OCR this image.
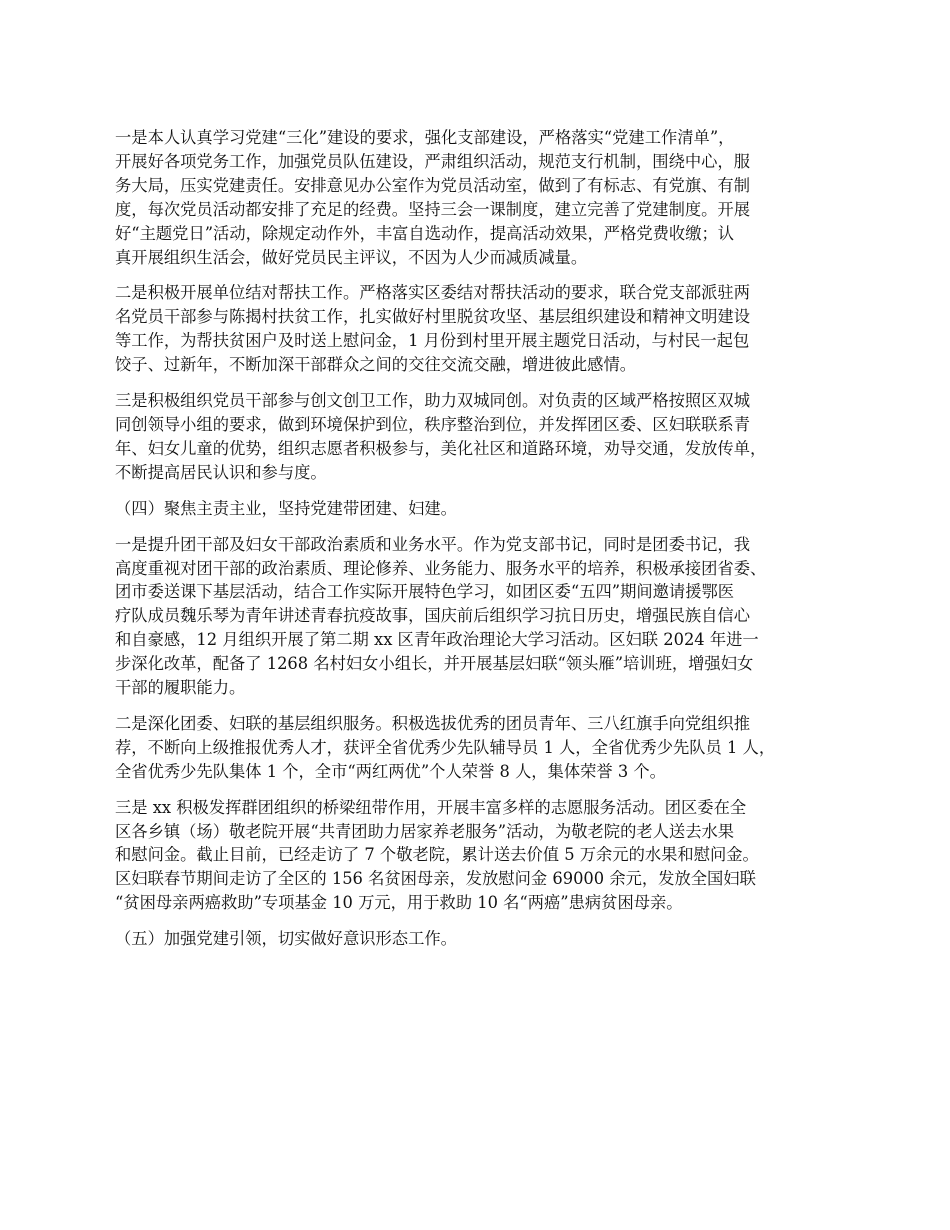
一是本人认真学习党建“三化”建设的要求，强化支部建设，严格落实“党建工作清单”，
开展好各项党务工作，加强党员队伍建设，严肃组织活动，规范支行机制，围绕中心，服
务大局，压实党建责任。安排意见办公室作为党员活动室，做到了有标志、有党旗、有制
度，每次党员活动都安排了充足的经费。坚持三会一课制度，建立完善了党建制度。开展
好“主题党日”活动，除规定动作外，丰富自选动作，提高活动效果，严格党费收缴；认
真开展组织生活会，做好党员民主评议，不因为人少而减质减量。

二是积极开展单位结对帮扶工作。严格落实区委结对帮扶活动的要求，联合党支部派驻两
名党员干部参与陈揭村扶贫工作，扎实做好村里脱贫攻坚、基层组织建设和精神文明建设
等工作，为帮扶贫困户及时送上慰问金，1 月份到村里开展主题党日活动，与村民一起包
饺子、过新年，不断加深干部群众之间的交往交流交融，增进彼此感情。

三是积极组织党员干部参与创文创卫工作，助力双城同创。对负责的区域严格按照区双城
同创领导小组的要求，做到环境保护到位，秩序整治到位，并发挥团区委、区妇联联系青
年、妇女儿童的优势，组织志愿者积极参与，美化社区和道路环境，劝导交通，发放传单，
不断提高居民认识和参与度。

（四）聚焦主责主业，坚持党建带团建、妇建。

一是提升团干部及妇女干部政治素质和业务水平。作为党支部书记，同时是团委书记，我
高度重视对团干部的政治素质、理论修养、业务能力、服务水平的培养，积极承接团省委、
团市委送课下基层活动，结合工作实际开展特色学习，如团区委“五四”期间邀请援鄂医
疗队成员魏乐琴为青年讲述青春抗疫故事，国庆前后组织学习抗日历史，增强民族自信心
和自豪感，12 月组织开展了第二期 xx 区青年政治理论大学习活动。区妇联 2024 年进一
步深化改革，配备了 1268 名村妇女小组长，并开展基层妇联“领头雁”培训班，增强妇女
干部的履职能力。

二是深化团委、妇联的基层组织服务。积极选拔优秀的团员青年、三八红旗手向党组织推
荐，不断向上级推报优秀人才，获评全省优秀少先队辅导员 1 人，全省优秀少先队员 1 人，
全省优秀少先队集体 1 个，全市“两红两优”个人荣誉 8 人，集体荣誉 3 个。

三是 xx 积极发挥群团组织的桥梁纽带作用，开展丰富多样的志愿服务活动。团区委在全
区各乡镇（场）敬老院开展“共青团助力居家养老服务”活动，为敬老院的老人送去水果
和慰问金。截止目前，已经走访了 7 个敬老院，累计送去价值 5 万余元的水果和慰问金。
区妇联春节期间走访了全区的 156 名贫困母亲，发放慰问金 69000 余元，发放全国妇联
“贫困母亲两癌救助”专项基金 10 万元，用于救助 10 名“两癌”患病贫困母亲。

（五）加强党建引领，切实做好意识形态工作。
